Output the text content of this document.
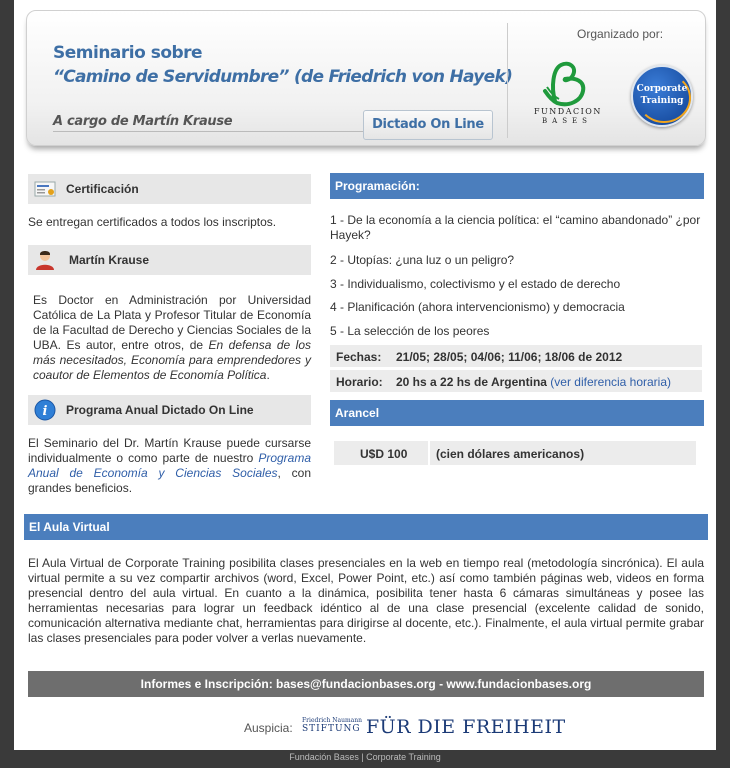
Seminario sobre
“Camino de Servidumbre” (de Friedrich von Hayek)
A cargo de Martín Krause	Dictado On Line
Organizado por:
FUNDACION
BASES
Corporate
Training
Certificación
Se entregan certificados a todos los inscriptos.
Martín Krause
Es Doctor en Administración por Universidad Católica de La Plata y Profesor Titular de Economía de la Facultad de Derecho y Ciencias Sociales de la UBA. Es autor, entre otros, de En defensa de los más necesitados, Economía para emprendedores y coautor de Elementos de Economía Política.
i Programa Anual Dictado On Line
El Seminario del Dr. Martín Krause puede cursarse individualmente o como parte de nuestro Programa Anual de Economía y Ciencias Sociales, con grandes beneficios.
Programación:
1 - De la economía a la ciencia política: el “camino abandonado” ¿por Hayek?
2 - Utopías: ¿una luz o un peligro?
3 - Individualismo, colectivismo y el estado de derecho
4 - Planificación (ahora intervencionismo) y democracia
5 - La selección de los peores
Fechas: 21/05; 28/05; 04/06; 11/06; 18/06 de 2012
Horario: 20 hs a 22 hs de Argentina (ver diferencia horaria)
Arancel
U$D 100 (cien dólares americanos)
El Aula Virtual
El Aula Virtual de Corporate Training posibilita clases presenciales en la web en tiempo real (metodología sincrónica). El aula virtual permite a su vez compartir archivos (word, Excel, Power Point, etc.) así como también páginas web, videos en forma presencial dentro del aula virtual. En cuanto a la dinámica, posibilita tener hasta 6 cámaras simultáneas y posee las herramientas necesarias para lograr un feedback idéntico al de una clase presencial (excelente calidad de sonido, comunicación alternativa mediante chat, herramientas para dirigirse al docente, etc.). Finalmente, el aula virtual permite grabar las clases presenciales para poder volver a verlas nuevamente.
Informes e Inscripción: bases@fundacionbases.org - www.fundacionbases.org
Auspicia:
Friedrich Naumann
STIFTUNG FÜR DIE FREIHEIT
Fundación Bases | Corporate Training
